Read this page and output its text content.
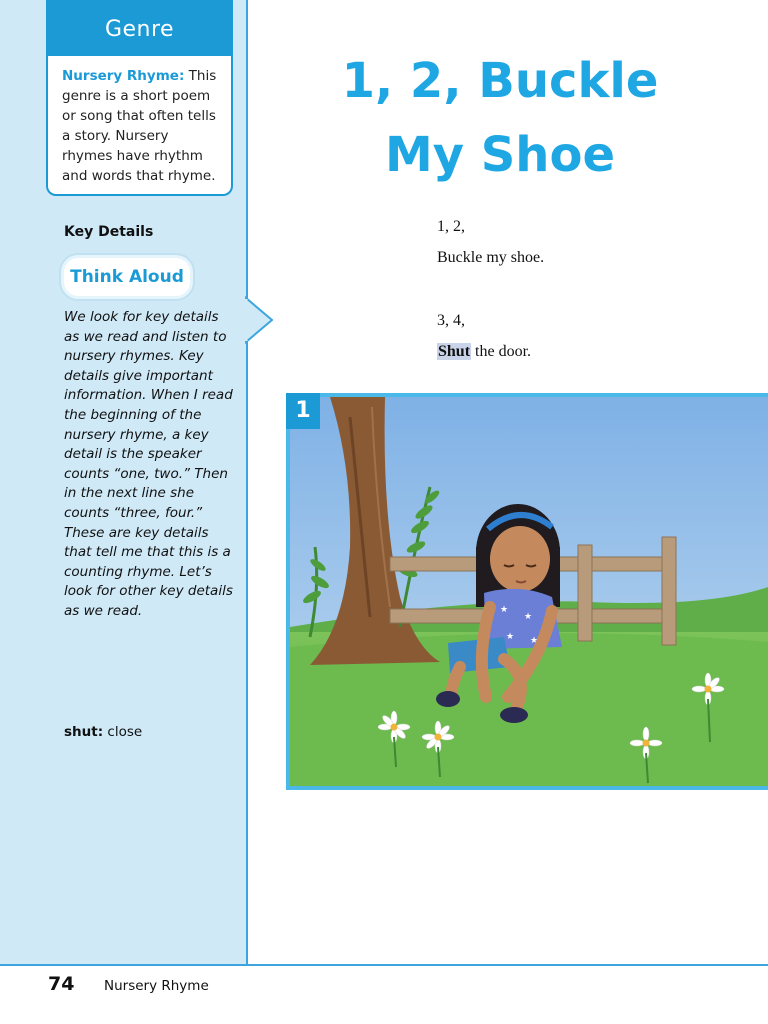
Genre
Nursery Rhyme: This genre is a short poem or song that often tells a story. Nursery rhymes have rhythm and words that rhyme.
Key Details
Think Aloud
We look for key details as we read and listen to nursery rhymes. Key details give important information. When I read the beginning of the nursery rhyme, a key detail is the speaker counts “one, two.” Then in the next line she counts “three, four.” These are key details that tell me that this is a counting rhyme. Let’s look for other key details as we read.
shut: close
1, 2, Buckle
My Shoe
1, 2,
Buckle my shoe.
3, 4,
Shut the door.
1
★
★
★
★ ★
74 Nursery Rhyme
